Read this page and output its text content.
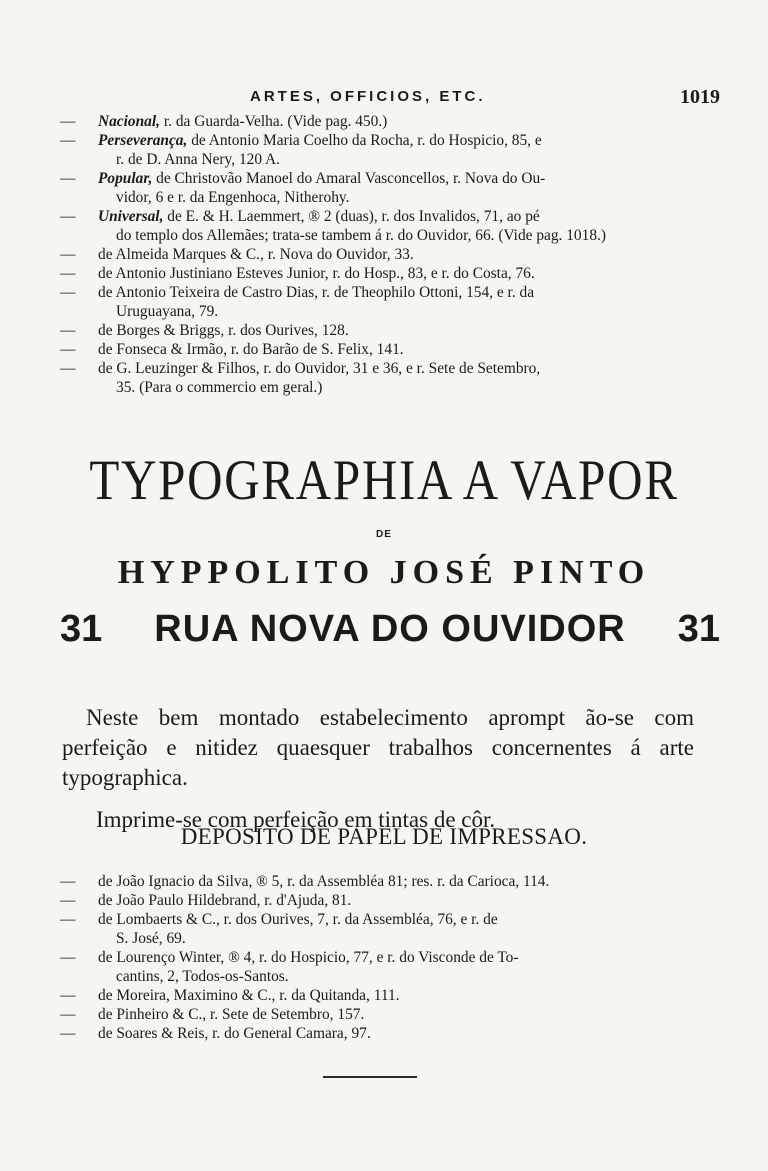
ARTES, OFFICIOS, ETC.	1019
—	Nacional, r. da Guarda-Velha. (Vide pag. 450.)
—	Perseverança, de Antonio Maria Coelho da Rocha, r. do Hospicio, 85, e
r. de D. Anna Nery, 120 A.
—	Popular, de Christovão Manoel do Amaral Vasconcellos, r. Nova do Ou-
vidor, 6 e r. da Engenhoca, Nitherohy.
—	Universal, de E. & H. Laemmert, ® 2 (duas), r. dos Invalidos, 71, ao pé
do templo dos Allemães; trata-se tambem á r. do Ouvidor, 66. (Vide pag. 1018.)
—	de Almeida Marques & C., r. Nova do Ouvidor, 33.
—	de Antonio Justiniano Esteves Junior, r. do Hosp., 83, e r. do Costa, 76.
—	de Antonio Teixeira de Castro Dias, r. de Theophilo Ottoni, 154, e r. da
Uruguayana, 79.
—	de Borges & Briggs, r. dos Ourives, 128.
—	de Fonseca & Irmão, r. do Barão de S. Felix, 141.
—	de G. Leuzinger & Filhos, r. do Ouvidor, 31 e 36, e r. Sete de Setembro,
35. (Para o commercio em geral.)
TYPOGRAPHIA A VAPOR
DE
HYPPOLITO JOSÉ PINTO
31 RUA NOVA DO OUVIDOR 31

Neste bem montado estabelecimento aprompt ão-se com perfeição e nitidez quaesquer trabalhos concernentes á arte typographica.

Imprime-se com perfeição em tintas de côr.

DEPOSITO DE PAPEL DE IMPRESSAO.
—	de João Ignacio da Silva, ® 5, r. da Assembléa 81; res. r. da Carioca, 114.
—	de João Paulo Hildebrand, r. d'Ajuda, 81.
—	de Lombaerts & C., r. dos Ourives, 7, r. da Assembléa, 76, e r. de
S. José, 69.
—	de Lourenço Winter, ® 4, r. do Hospicio, 77, e r. do Visconde de To-
cantins, 2, Todos-os-Santos.
—	de Moreira, Maximino & C., r. da Quitanda, 111.
—	de Pinheiro & C., r. Sete de Setembro, 157.
—	de Soares & Reis, r. do General Camara, 97.
